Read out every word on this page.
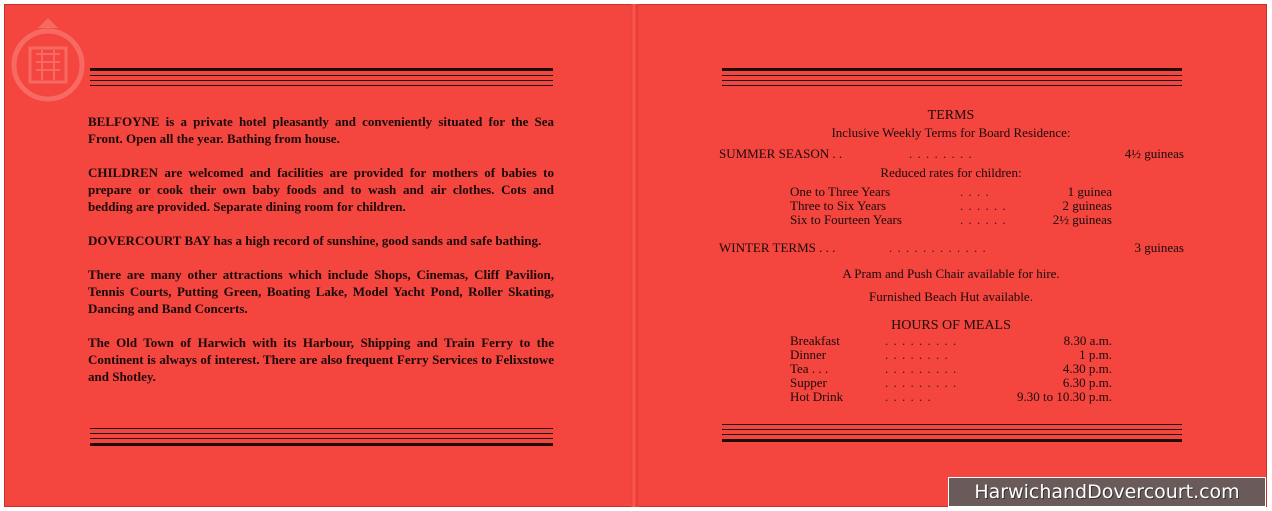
BELFOYNE is a private hotel pleasantly and conveniently situated for the Sea Front. Open all the year. Bathing from house.

CHILDREN are welcomed and facilities are provided for mothers of babies to prepare or cook their own baby foods and to wash and air clothes. Cots and bedding are provided. Separate dining room for children.

DOVERCOURT BAY has a high record of sunshine, good sands and safe bathing.

There are many other attractions which include Shops, Cinemas, Cliff Pavilion, Tennis Courts, Putting Green, Boating Lake, Model Yacht Pond, Roller Skating, Dancing and Band Concerts.

The Old Town of Harwich with its Harbour, Shipping and Train Ferry to the Continent is always of interest. There are also frequent Ferry Services to Felixstowe and Shotley.

TERMS
Inclusive Weekly Terms for Board Residence:
SUMMER SEASON . .	. . . . . . . .	4½ guineas
Reduced rates for children:
One to Three Years	. . . .	1 guinea
Three to Six Years	. . . . . .	2 guineas
Six to Fourteen Years	. . . . . .	2½ guineas
WINTER TERMS . . .	. . . . . . . . . . . .	3 guineas
A Pram and Push Chair available for hire.
Furnished Beach Hut available.
HOURS OF MEALS
Breakfast	. . . . . . . . .	8.30 a.m.
Dinner	. . . . . . . .	1 p.m.
Tea . . .	. . . . . . . . .	4.30 p.m.
Supper	. . . . . . . . .	6.30 p.m.
Hot Drink	. . . . . .	9.30 to 10.30 p.m.
HarwichandDovercourt.com
